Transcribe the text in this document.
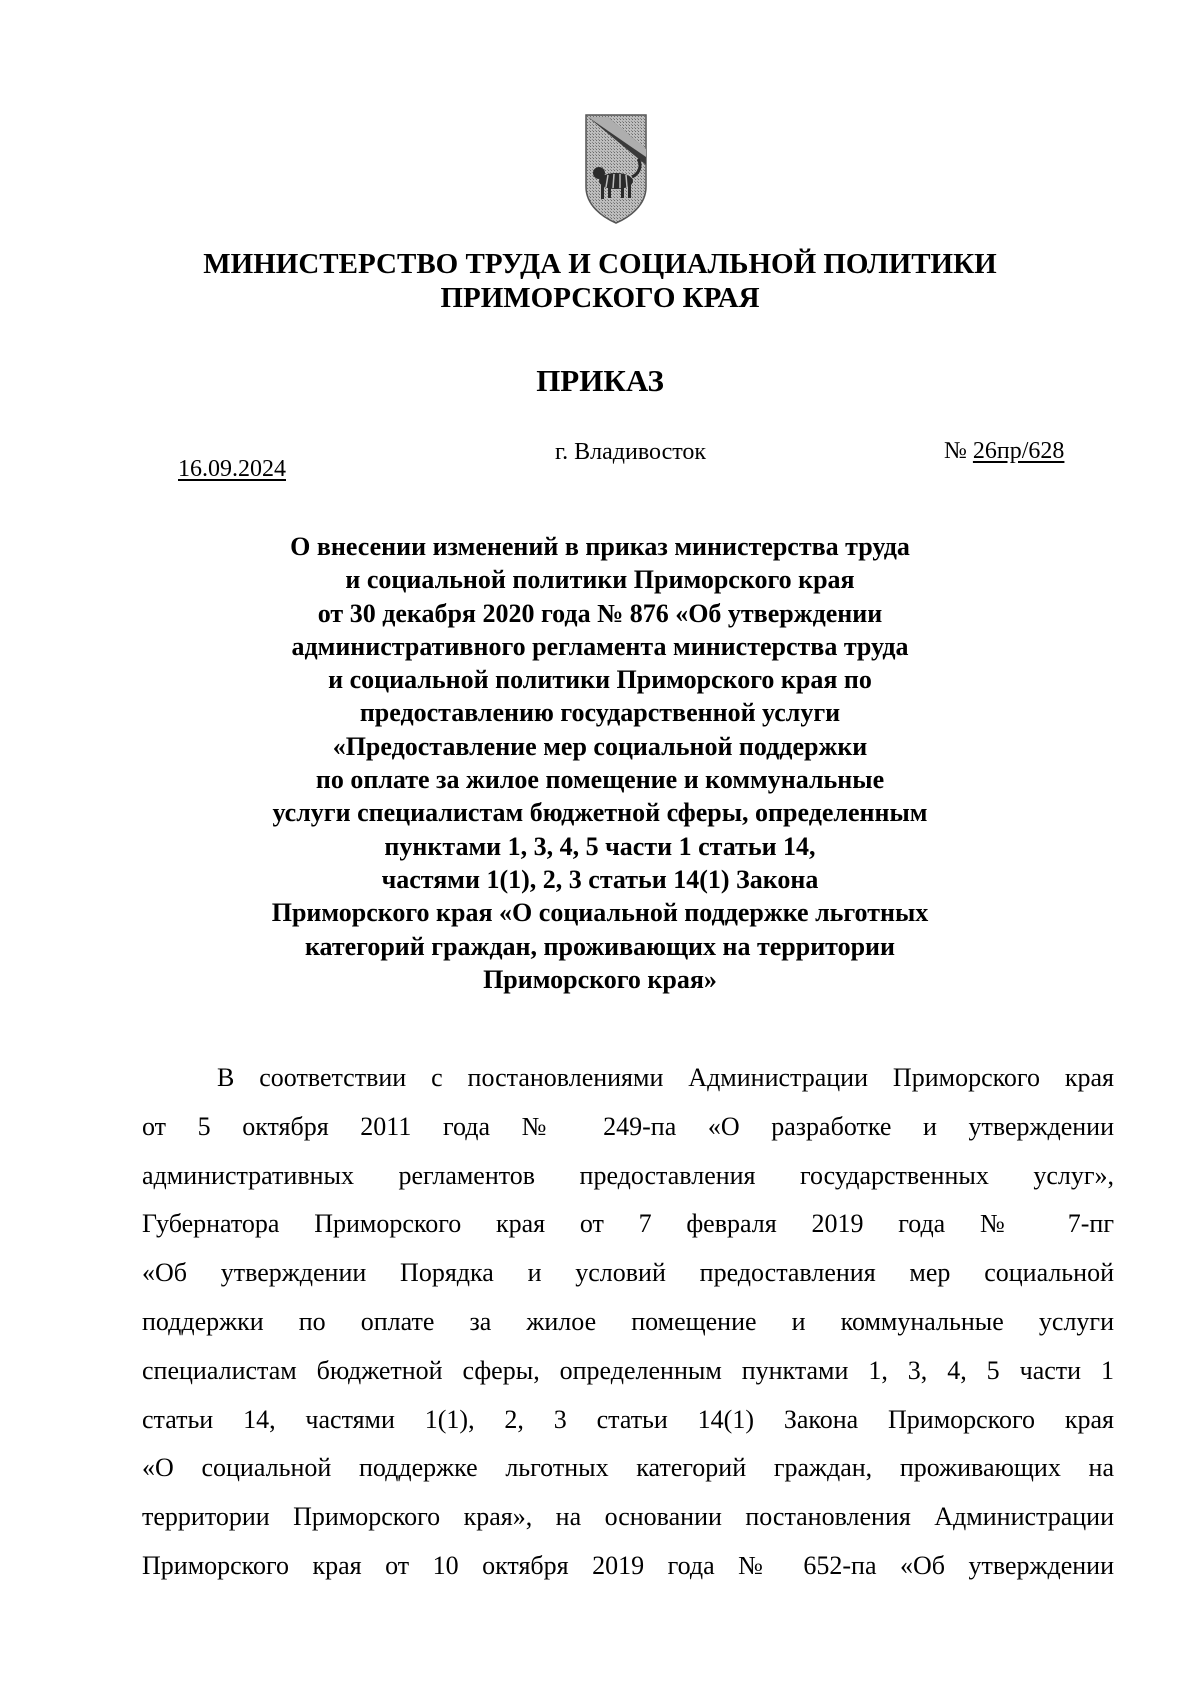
МИНИСТЕРСТВО ТРУДА И СОЦИАЛЬНОЙ ПОЛИТИКИ
ПРИМОРСКОГО КРАЯ
ПРИКАЗ
16.09.2024
г. Владивосток	№ 26пр/628
О внесении изменений в приказ министерства труда
и социальной политики Приморского края
от 30 декабря 2020 года № 876 «Об утверждении
административного регламента министерства труда
и социальной политики Приморского края по
предоставлению государственной услуги
«Предоставление мер социальной поддержки
по оплате за жилое помещение и коммунальные
услуги специалистам бюджетной сферы, определенным
пунктами 1, 3, 4, 5 части 1 статьи 14,
частями 1(1), 2, 3 статьи 14(1) Закона
Приморского края «О социальной поддержке льготных
категорий граждан, проживающих на территории
Приморского края»
В соответствии с постановлениями Администрации Приморского края
от 5 октября 2011 года № 249-па «О разработке и утверждении
административных регламентов предоставления государственных услуг»,
Губернатора Приморского края от 7 февраля 2019 года № 7-пг
«Об утверждении Порядка и условий предоставления мер социальной
поддержки по оплате за жилое помещение и коммунальные услуги
специалистам бюджетной сферы, определенным пунктами 1, 3, 4, 5 части 1
статьи 14, частями 1(1), 2, 3 статьи 14(1) Закона Приморского края
«О социальной поддержке льготных категорий граждан, проживающих на
территории Приморского края», на основании постановления Администрации
Приморского края от 10 октября 2019 года № 652-па «Об утверждении
